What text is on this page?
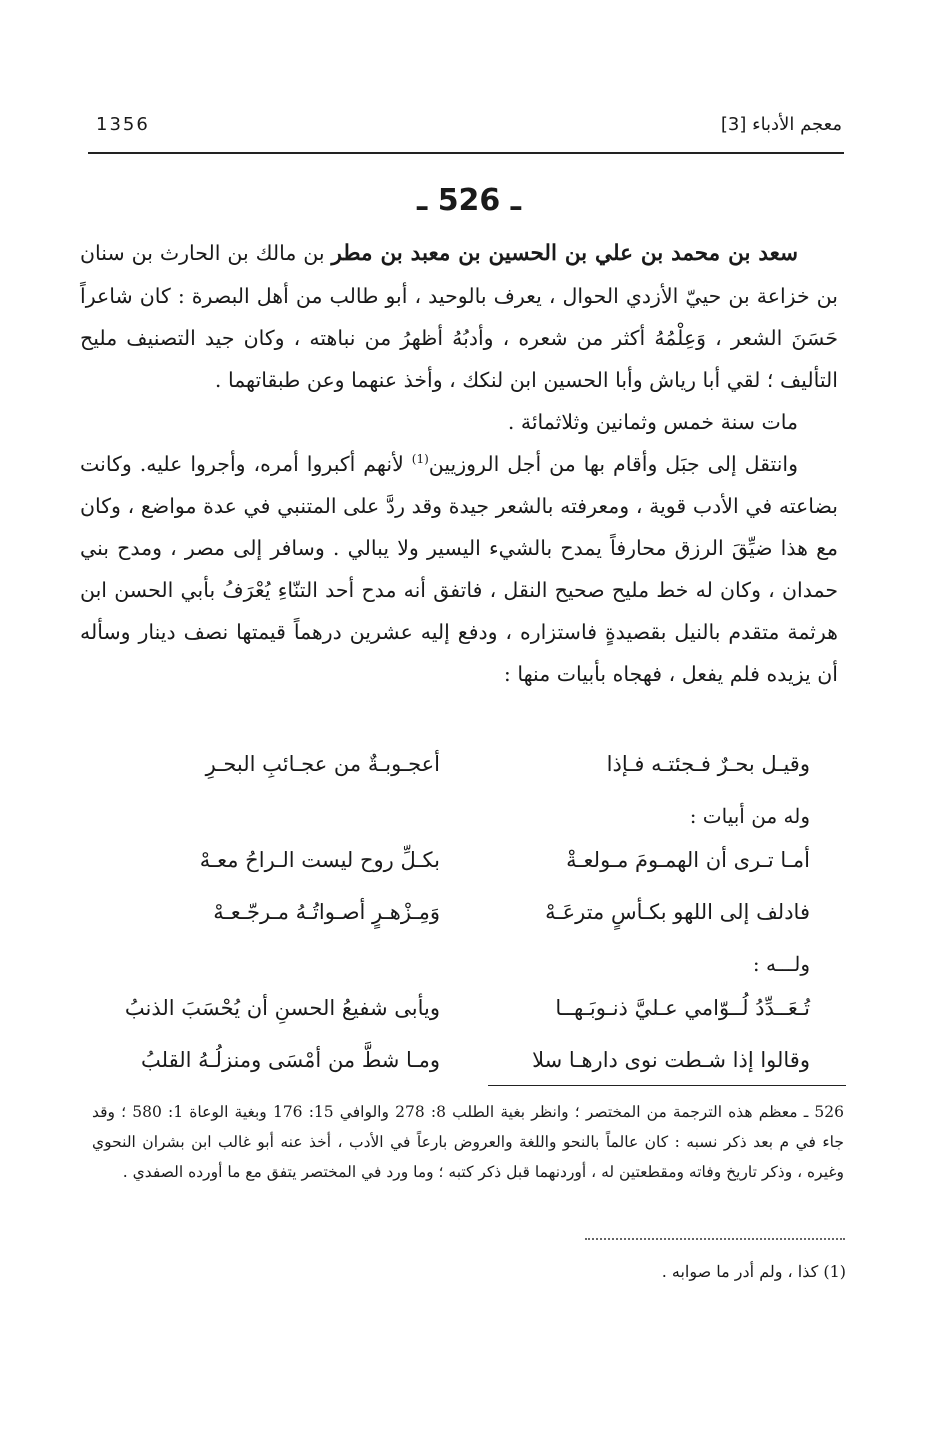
معجم الأدباء [3]
1356
ـ 526 ـ

سعد بن محمد بن علي بن الحسين بن معبد بن مطر بن مالك بن الحارث بن سنان بن خزاعة بن حييّ الأزدي الحوال ، يعرف بالوحيد ، أبو طالب من أهل البصرة : كان شاعراً حَسَنَ الشعر ، وَعِلْمُهُ أكثر من شعره ، وأدبُهُ أظهرُ من نباهته ، وكان جيد التصنيف مليح التأليف ؛ لقي أبا رياش وأبا الحسين ابن لنكك ، وأخذ عنهما وعن طبقاتهما .

مات سنة خمس وثمانين وثلاثمائة .

وانتقل إلى جبَل وأقام بها من أجل الروزيين$^{(1)}$ لأنهم أكبروا أمره، وأجروا عليه. وكانت بضاعته في الأدب قوية ، ومعرفته بالشعر جيدة وقد ردَّ على المتنبي في عدة مواضع ، وكان مع هذا ضيِّقَ الرزق محارفاً يمدح بالشيء اليسير ولا يبالي . وسافر إلى مصر ، ومدح بني حمدان ، وكان له خط مليح صحيح النقل ، فاتفق أنه مدح أحد التنّاءِ يُعْرَفُ بأبي الحسن ابن هرثمة متقدم بالنيل بقصيدةٍ فاستزاره ، ودفع إليه عشرين درهماً قيمتها نصف دينار وسأله أن يزيده فلم يفعل ، فهجاه بأبيات منها :

وقيـل بحـرٌ فـجئتـه فـإذا
أعجـوبـةٌ من عجـائبِ البحـرِ
وله من أبيات :
أمـا تـرى أن الهمـومَ مـولعـةْ
بكـلِّ روح ليست الـراحُ معـهْ
فادلف إلى اللهو بكـأسٍ مترعَـهْ
وَمِـزْهـرٍ أصـواتُـهُ مـرجّـعـهْ
ولـــه :
تُـعَــدِّدُ لُــوّامي عـليَّ ذنـوبَـهــا
ويأبى شفيعُ الحسنِ أن يُحْسَبَ الذنبُ
وقالوا إذا شـطت نوى دارهـا سلا
ومـا شطَّ من أمْسَى ومنزلُـهُ القلبُ

526 ـ معظم هذه الترجمة من المختصر ؛ وانظر بغية الطلب 8: 278 والوافي 15: 176 وبغية الوعاة 1: 580 ؛ وقد جاء في م بعد ذكر نسبه : كان عالماً بالنحو واللغة والعروض بارعاً في الأدب ، أخذ عنه أبو غالب ابن بشران النحوي وغيره ، وذكر تاريخ وفاته ومقطعتين له ، أوردنهما قبل ذكر كتبه ؛ وما ورد في المختصر يتفق مع ما أورده الصفدي .

(1) كذا ، ولم أدر ما صوابه .
